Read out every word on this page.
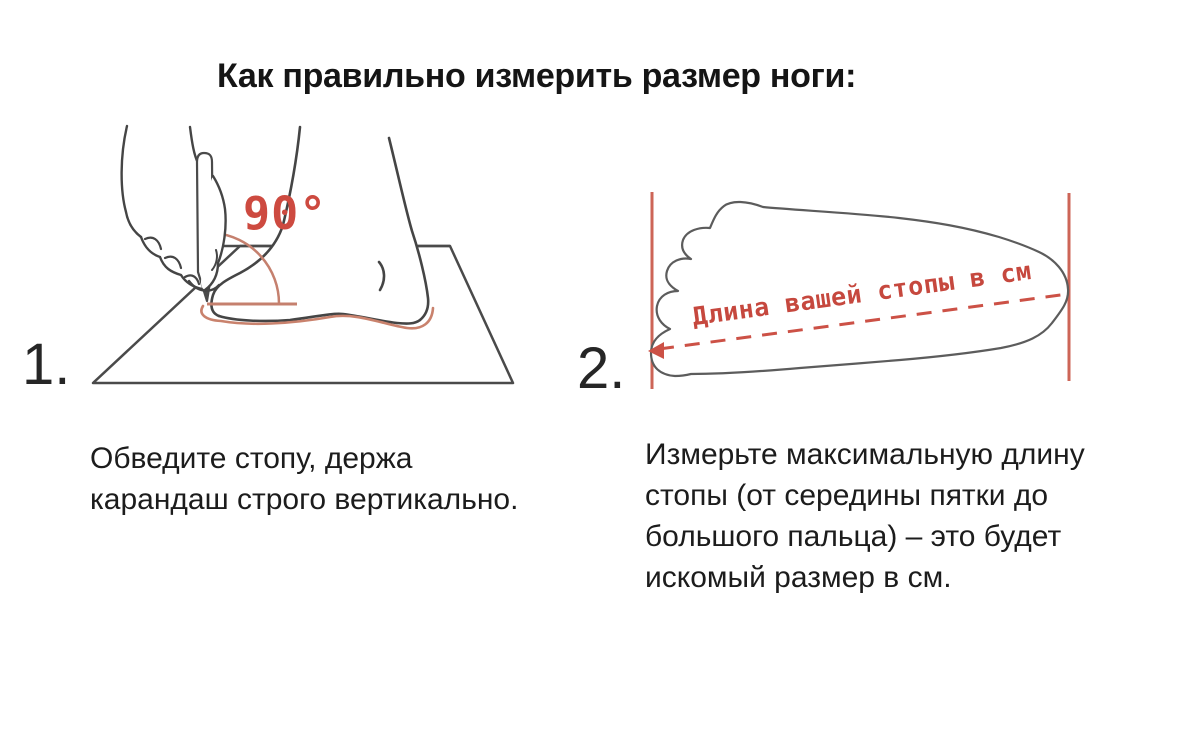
Как правильно измерить размер ноги:
90°
Длина вашей стопы в см
1.	2.
Обведите стопу, держа
карандаш строго вертикально.
Измерьте максимальную длину
стопы (от середины пятки до
большого пальца) – это будет
искомый размер в см.
